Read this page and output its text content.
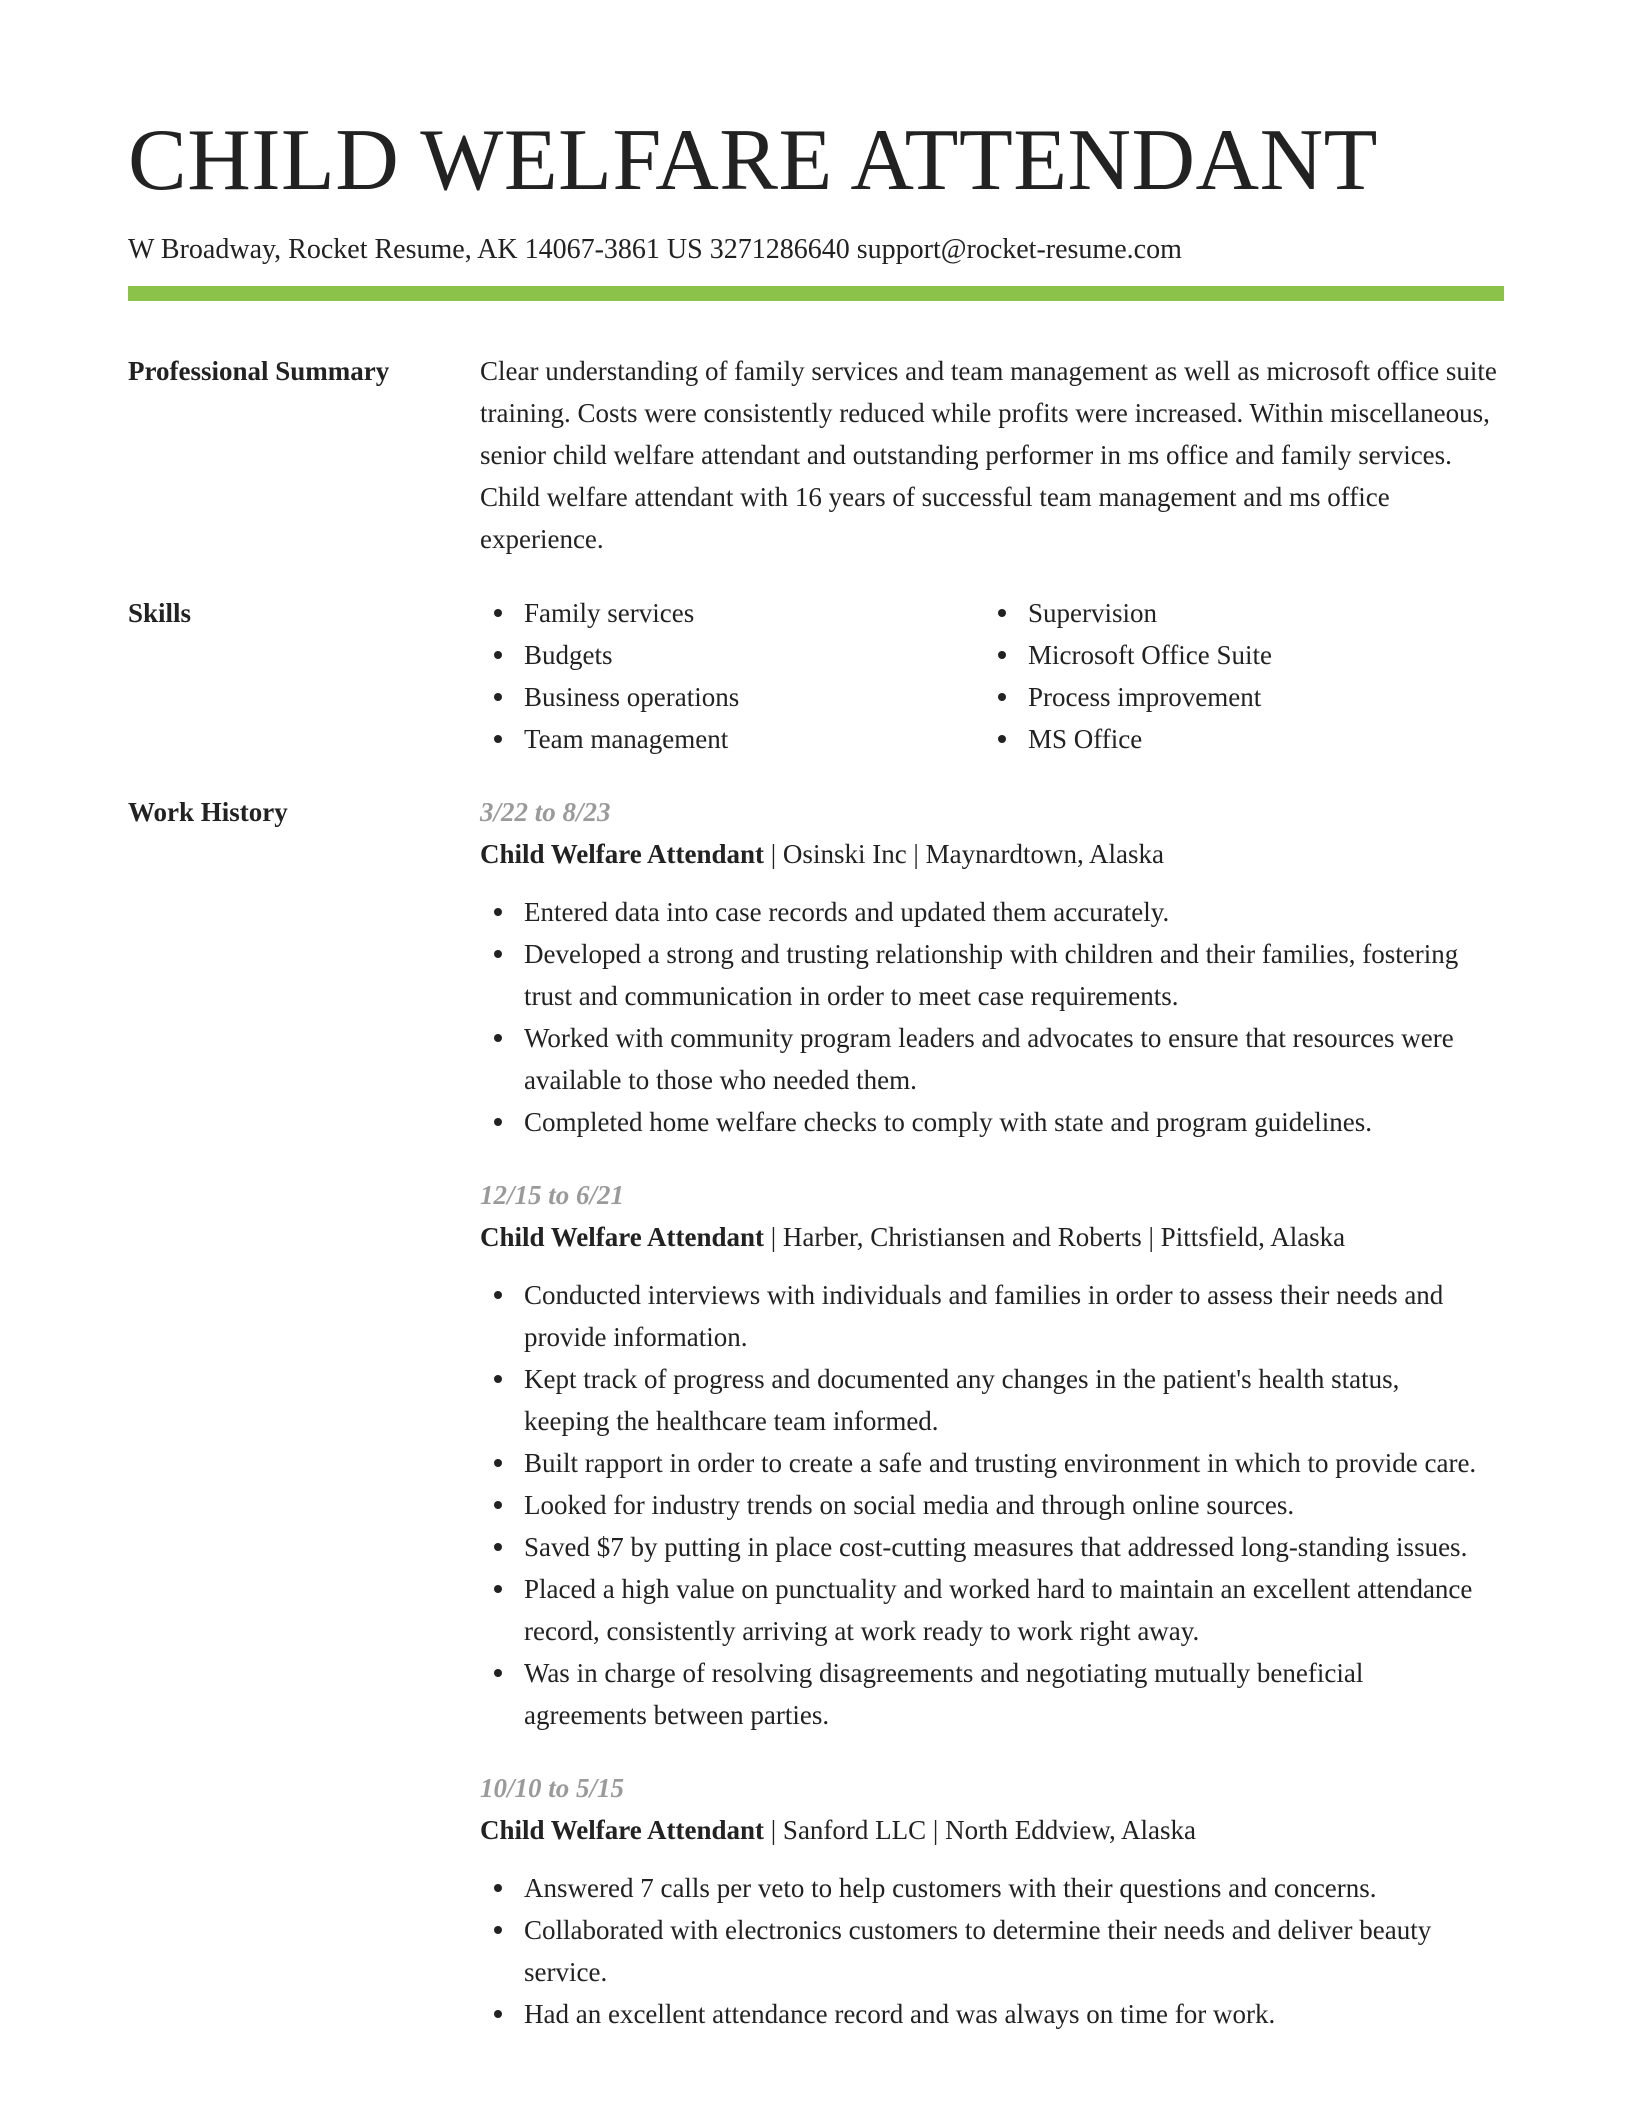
CHILD WELFARE ATTENDANT
W Broadway, Rocket Resume, AK 14067-3861 US 3271286640 support@rocket-resume.com
Professional Summary	Clear understanding of family services and team management as well as microsoft office suite training. Costs were consistently reduced while profits were increased. Within miscellaneous, senior child welfare attendant and outstanding performer in ms office and family services. Child welfare attendant with 16 years of successful team management and ms office experience.

Skills	Family services
Budgets
Business operations
Team management
Supervision
Microsoft Office Suite
Process improvement
MS Office
Work History	3/22 to 8/23
Child Welfare Attendant | Osinski Inc | Maynardtown, Alaska
Entered data into case records and updated them accurately.
Developed a strong and trusting relationship with children and their families, fostering trust and communication in order to meet case requirements.
Worked with community program leaders and advocates to ensure that resources were available to those who needed them.
Completed home welfare checks to comply with state and program guidelines.
12/15 to 6/21
Child Welfare Attendant | Harber, Christiansen and Roberts | Pittsfield, Alaska
Conducted interviews with individuals and families in order to assess their needs and provide information.
Kept track of progress and documented any changes in the patient's health status, keeping the healthcare team informed.
Built rapport in order to create a safe and trusting environment in which to provide care.
Looked for industry trends on social media and through online sources.
Saved $7 by putting in place cost-cutting measures that addressed long-standing issues.
Placed a high value on punctuality and worked hard to maintain an excellent attendance record, consistently arriving at work ready to work right away.
Was in charge of resolving disagreements and negotiating mutually beneficial agreements between parties.
10/10 to 5/15
Child Welfare Attendant | Sanford LLC | North Eddview, Alaska
Answered 7 calls per veto to help customers with their questions and concerns.
Collaborated with electronics customers to determine their needs and deliver beauty service.
Had an excellent attendance record and was always on time for work.
